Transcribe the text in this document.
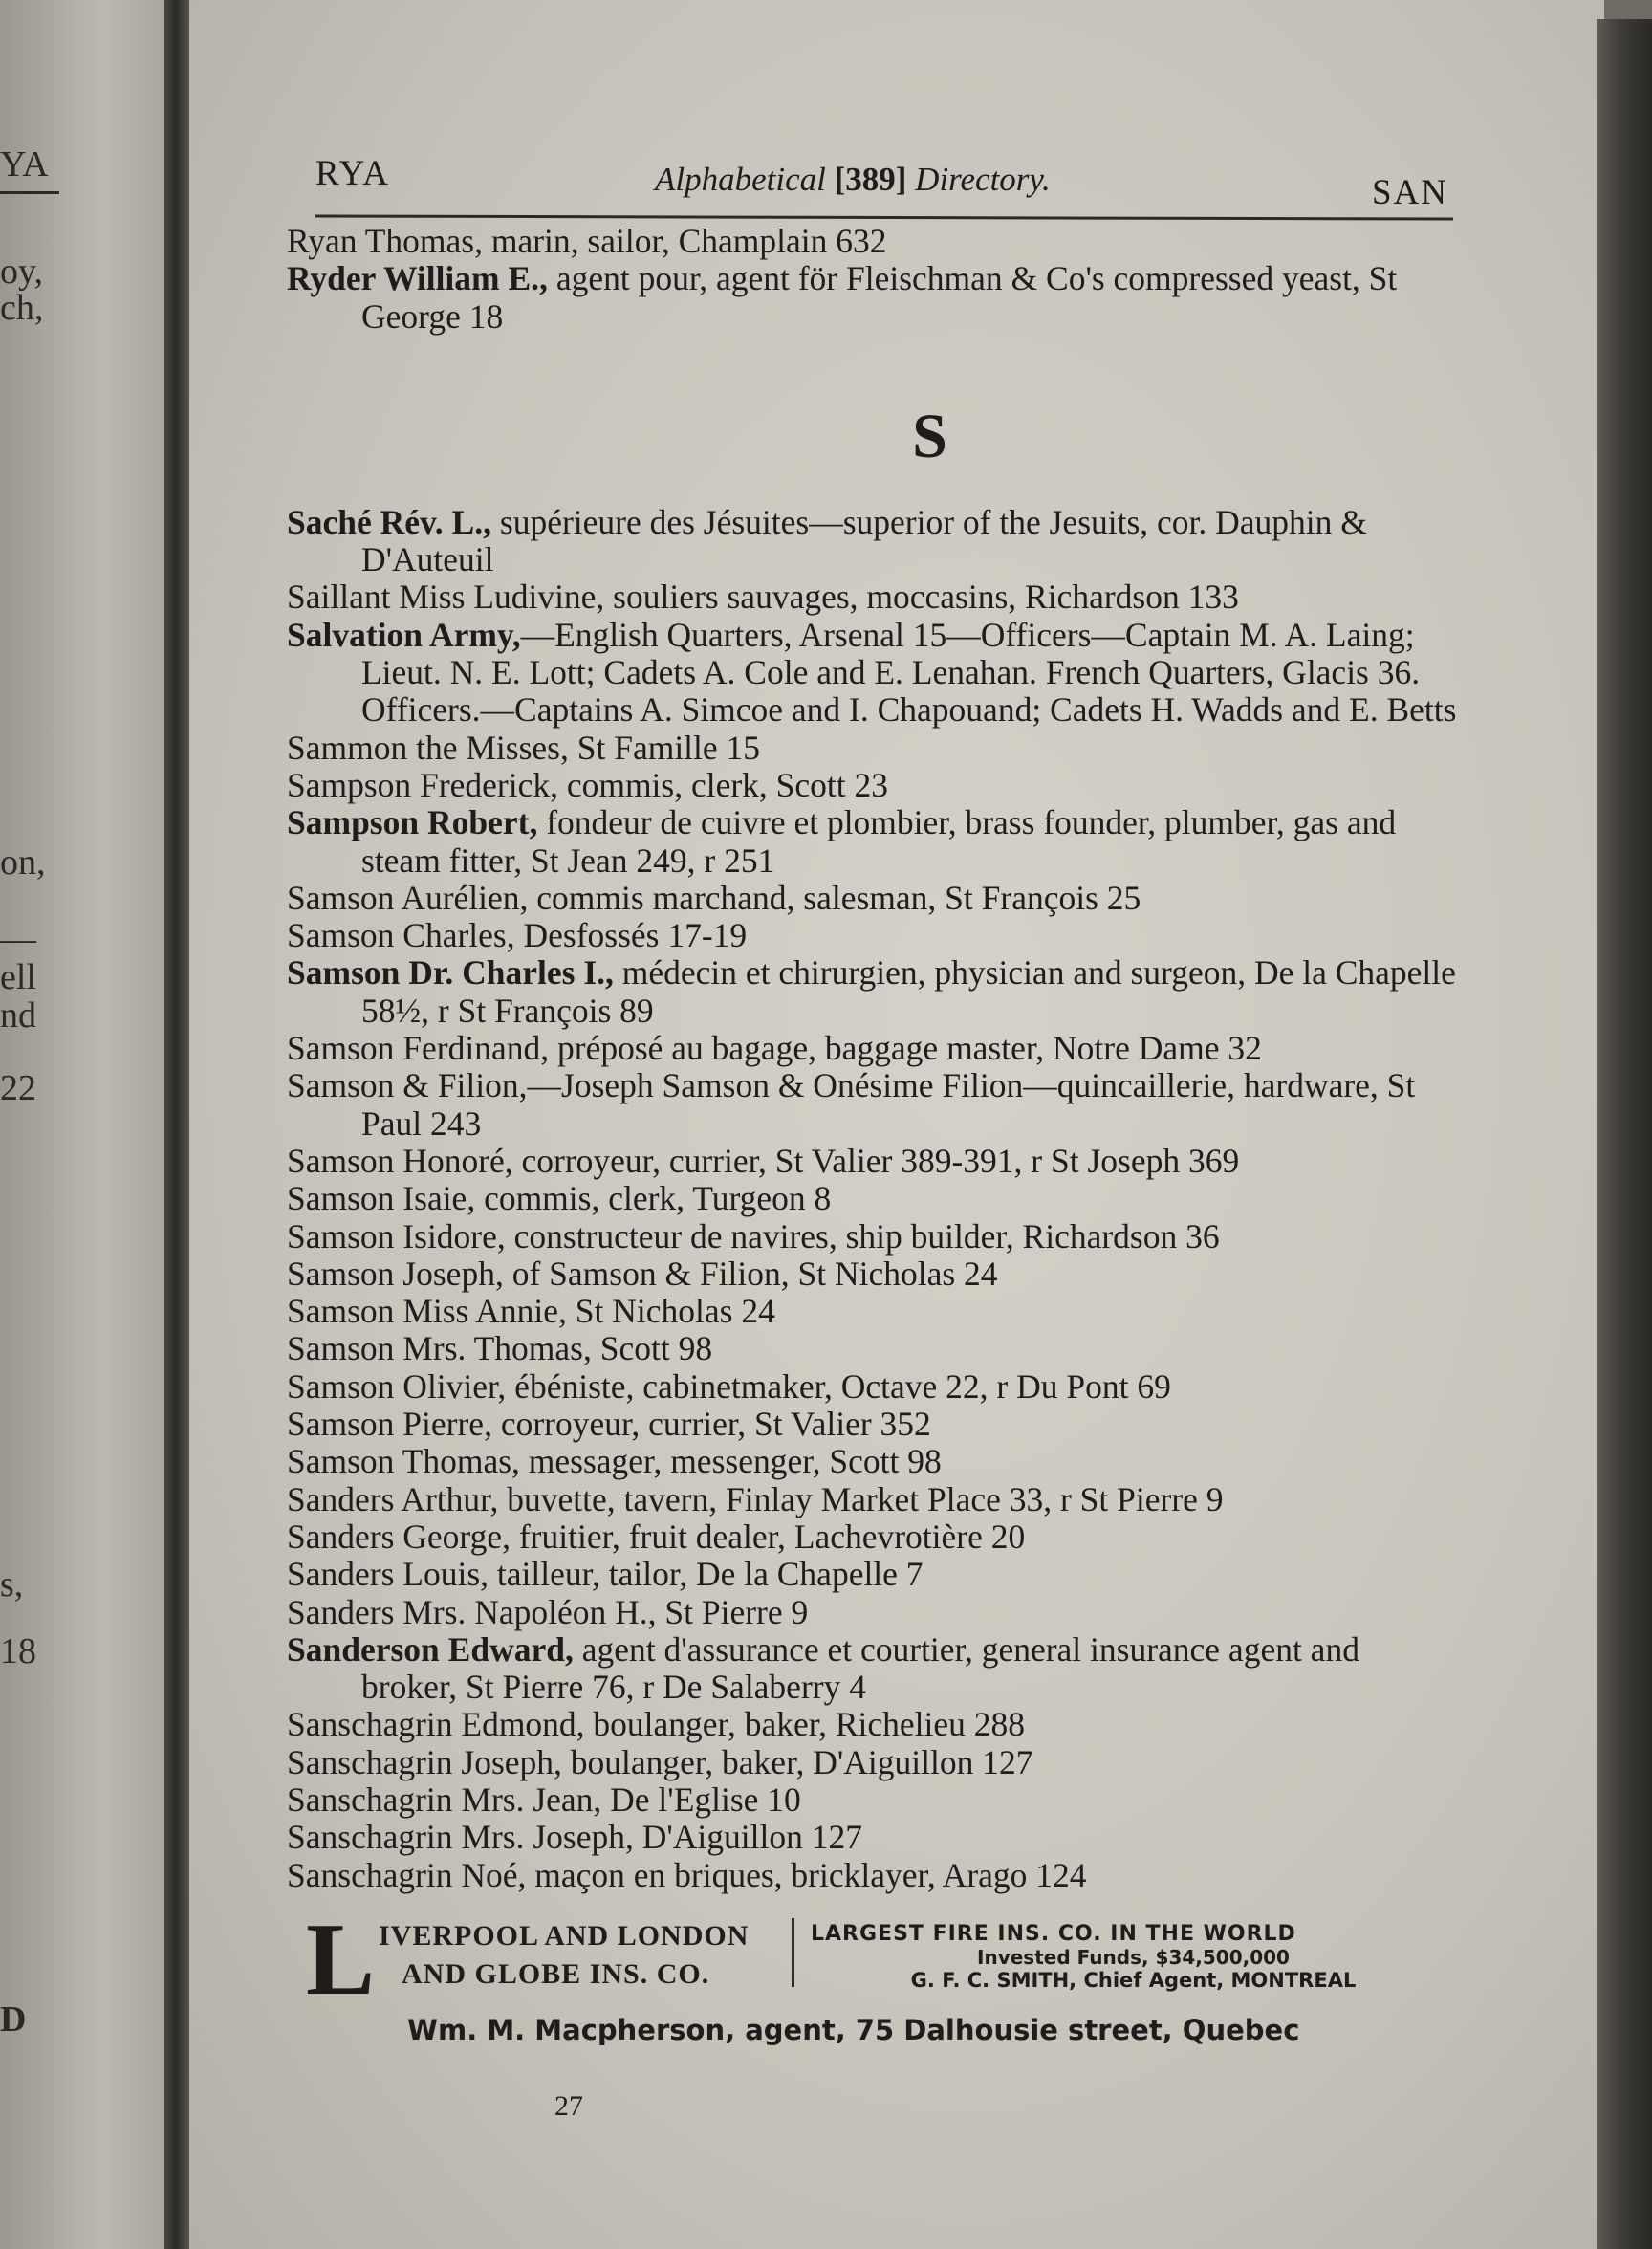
YA
oy,
ch,
on,
—
ell
nd
22
s,
18
D
RYA	Alphabetical [389] Directory.	SAN

Ryan Thomas, marin, sailor, Champlain 632

Ryder William E., agent pour, agent för Fleischman & Co's compressed yeast, St George 18

S

Saché Rév. L., supérieure des Jésuites—superior of the Jesuits, cor. Dauphin & D'Auteuil

Saillant Miss Ludivine, souliers sauvages, moccasins, Richardson 133

Salvation Army,—English Quarters, Arsenal 15—Officers—Captain M. A. Laing; Lieut. N. E. Lott; Cadets A. Cole and E. Lenahan. French Quarters, Glacis 36. Officers.—Captains A. Simcoe and I. Chapouand; Cadets H. Wadds and E. Betts

Sammon the Misses, St Famille 15

Sampson Frederick, commis, clerk, Scott 23

Sampson Robert, fondeur de cuivre et plombier, brass founder, plumber, gas and steam fitter, St Jean 249, r 251

Samson Aurélien, commis marchand, salesman, St François 25

Samson Charles, Desfossés 17-19

Samson Dr. Charles I., médecin et chirurgien, physician and surgeon, De la Chapelle 58½, r St François 89

Samson Ferdinand, préposé au bagage, baggage master, Notre Dame 32

Samson & Filion,—Joseph Samson & Onésime Filion—quincaillerie, hardware, St Paul 243

Samson Honoré, corroyeur, currier, St Valier 389-391, r St Joseph 369

Samson Isaie, commis, clerk, Turgeon 8

Samson Isidore, constructeur de navires, ship builder, Richardson 36

Samson Joseph, of Samson & Filion, St Nicholas 24

Samson Miss Annie, St Nicholas 24

Samson Mrs. Thomas, Scott 98

Samson Olivier, ébéniste, cabinetmaker, Octave 22, r Du Pont 69

Samson Pierre, corroyeur, currier, St Valier 352

Samson Thomas, messager, messenger, Scott 98

Sanders Arthur, buvette, tavern, Finlay Market Place 33, r St Pierre 9

Sanders George, fruitier, fruit dealer, Lachevrotière 20

Sanders Louis, tailleur, tailor, De la Chapelle 7

Sanders Mrs. Napoléon H., St Pierre 9

Sanderson Edward, agent d'assurance et courtier, general insurance agent and broker, St Pierre 76, r De Salaberry 4

Sanschagrin Edmond, boulanger, baker, Richelieu 288

Sanschagrin Joseph, boulanger, baker, D'Aiguillon 127

Sanschagrin Mrs. Jean, De l'Eglise 10

Sanschagrin Mrs. Joseph, D'Aiguillon 127

Sanschagrin Noé, maçon en briques, bricklayer, Arago 124

L IVERPOOL AND LONDON
AND GLOBE INS. CO.
LARGEST FIRE INS. CO. IN THE WORLD
Invested Funds, $34,500,000
G. F. C. SMITH, Chief Agent, MONTREAL
Wm. M. Macpherson, agent, 75 Dalhousie street, Quebec
27
